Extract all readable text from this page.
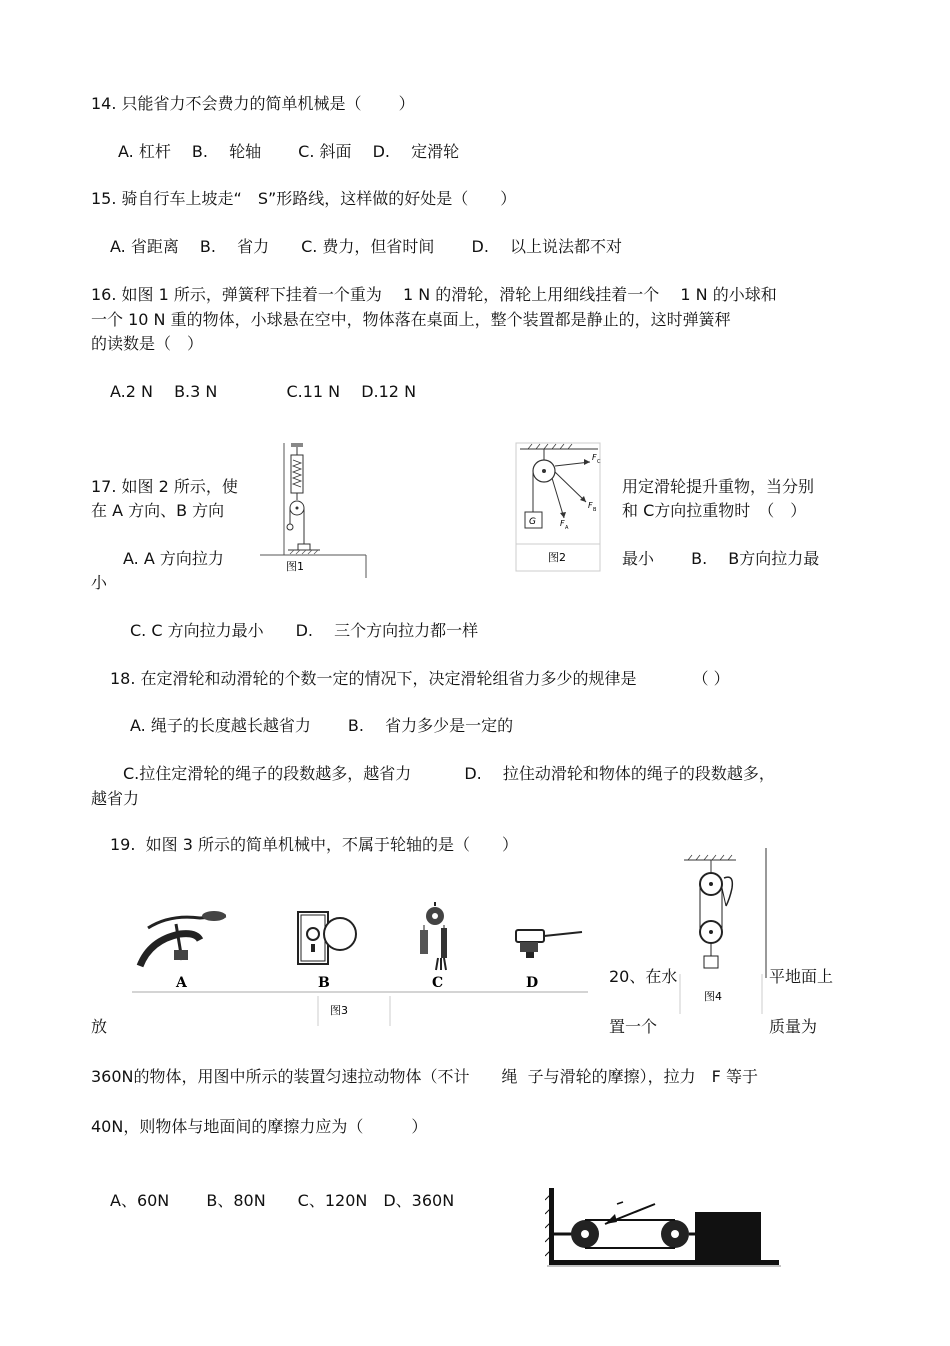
14. 只能省力不会费力的简单机械是（　　 ）
A. 杠杆　 B.　 轮轴　　 C. 斜面　 D.　 定滑轮
15. 骑自行车上坡走“　S”形路线，这样做的好处是（　　）
A. 省距离　 B.　 省力　　C. 费力，但省时间　　 D.　 以上说法都不对
16. 如图 1 所示，弹簧秤下挂着一个重为　 1 N 的滑轮，滑轮上用细线挂着一个　 1 N 的小球和
一个 10 N 重的物体，小球悬在空中，物体落在桌面上，整个装置都是静止的，这时弹簧秤
的读数是（　）
A.2 N　 B.3 N　　　　 C.11 N　 D.12 N
17. 如图 2 所示，使
在 A 方向、B 方向
用定滑轮提升重物，当分别
和 C方向拉重物时　（　）
A. A 方向拉力
小
最小　　 B.　 B方向拉力最
C. C 方向拉力最小　　D.　 三个方向拉力都一样
图1
G
F C
F B
F A
图2
18. 在定滑轮和动滑轮的个数一定的情况下，决定滑轮组省力多少的规律是　　　　（ ）
A. 绳子的长度越长越省力　　 B.　 省力多少是一定的
C.拉住定滑轮的绳子的段数越多，越省力　　　 D.　 拉住动滑轮和物体的绳子的段数越多，
越省力
19.  如图 3 所示的简单机械中，不属于轮轴的是（　　）
A	B	C	D
图3
图4
20、在水	平地面上
放	置一个	质量为
360N的物体，用图中所示的装置匀速拉动物体（不计　　绳  子与滑轮的摩擦），拉力　F 等于
40N，则物体与地面间的摩擦力应为（　　　）
A、60N　　 B、80N　　C、120N　D、360N
